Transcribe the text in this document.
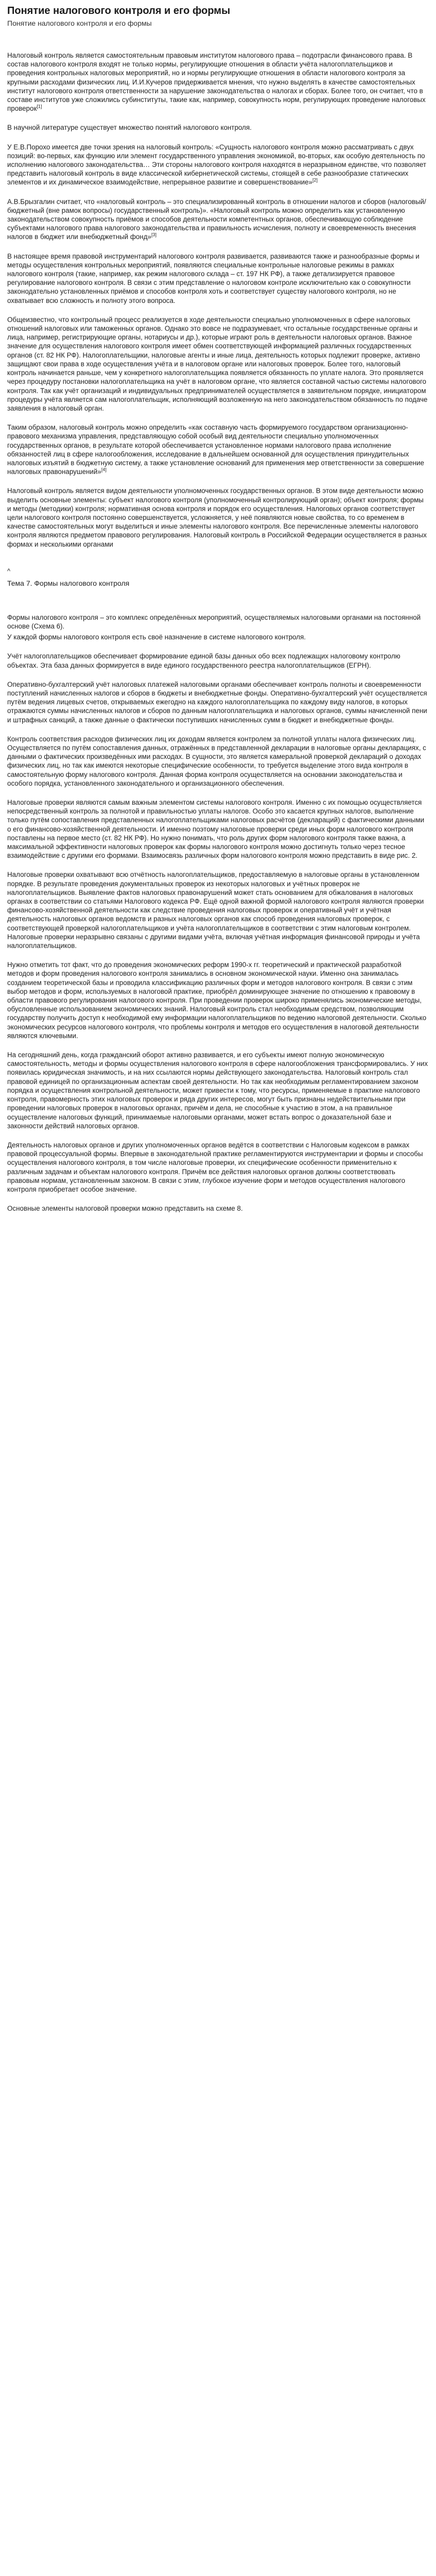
Понятие налогового контроля и его формы
Понятие налогового контроля и его формы

Налоговый контроль является самостоятельным правовым институтом налогового права – подотрасли финансового права. В состав налогового контроля входят не только нормы, регулирующие отношения в области учёта налогоплательщиков и проведения контрольных налоговых мероприятий, но и нормы регулирующие отношения в области налогового контроля за крупными расходами физических лиц. И.И.Кучеров придерживается мнения, что нужно выделять в качестве самостоятельных институт налогового контроля ответственности за нарушение законодательства о налогах и сборах. Более того, он считает, что в составе институтов уже сложились субинституты, такие как, например, совокупность норм, регулирующих проведение налоговых проверок[1]

В научной литературе существует множество понятий налогового контроля.

У Е.В.Порохо имеется две точки зрения на налоговый контроль: «Сущность налогового контроля можно рассматривать с двух позиций: во-первых, как функцию или элемент государственного управления экономикой, во-вторых, как особую деятельность по исполнению налогового законодательства… Эти стороны налогового контроля находятся в неразрывном единстве, что позволяет представить налоговый контроль в виде классической кибернетической системы, стоящей в себе разнообразие статических элементов и их динамическое взаимодействие, непрерывное развитие и совершенствование»[2]

А.В.Брызгалин считает, что «налоговый контроль – это специализированный контроль в отношении налогов и сборов (налоговый/бюджетный (вне рамок вопросы) государственный контроль)». «Налоговый контроль можно определить как установленную законодательством совокупность приёмов и способов деятельности компетентных органов, обеспечивающую соблюдение субъектами налогового права налогового законодательства и правильность исчисления, полноту и своевременность внесения налогов в бюджет или внебюджетный фонд»[3]

В настоящее время правовой инструментарий налогового контроля развивается, развиваются также и разнообразные формы и методы осуществления контрольных мероприятий, появляются специальные контрольные налоговые режимы в рамках налогового контроля (такие, например, как режим налогового склада – ст. 197 НК РФ), а также детализируется правовое регулирование налогового контроля. В связи с этим представление о налоговом контроле исключительно как о совокупности законодательно установленных приёмов и способов контроля хоть и соответствует существу налогового контроля, но не охватывает всю сложность и полноту этого вопроса.

Общеизвестно, что контрольный процесс реализуется в ходе деятельности специально уполномоченных в сфере налоговых отношений налоговых или таможенных органов. Однако это вовсе не подразумевает, что остальные государственные органы и лица, например, регистрирующие органы, нотариусы и др.), которые играют роль в деятельности налоговых органов. Важное значение для осуществления налогового контроля имеет обмен соответствующей информацией различных государственных органов (ст. 82 НК РФ). Налогоплательщики, налоговые агенты и иные лица, деятельность которых подлежит проверке, активно защищают свои права в ходе осуществления учёта и в налоговом органе или налоговых проверок. Более того, налоговый контроль начинается раньше, чем у конкретного налогоплательщика появляется обязанность по уплате налога. Это проявляется через процедуру постановки налогоплательщика на учёт в налоговом органе, что является составной частью системы налогового контроля. Так как учёт организаций и индивидуальных предпринимателей осуществляется в заявительном порядке, инициатором процедуры учёта является сам налогоплательщик, исполняющий возложенную на него законодательством обязанность по подаче заявления в налоговый орган.

Таким образом, налоговый контроль можно определить «как составную часть формируемого государством организационно-правового механизма управления, представляющую собой особый вид деятельности специально уполномоченных государственных органов, в результате которой обеспечивается установленное нормами налогового права исполнение обязанностей лиц в сфере налогообложения, исследование в дальнейшем основанной для осуществления принудительных налоговых изъятий в бюджетную систему, а также установление оснований для применения мер ответственности за совершение налоговых правонарушений»[4]

Налоговый контроль является видом деятельности уполномоченных государственных органов. В этом виде деятельности можно выделить основные элементы: субъект налогового контроля (уполномоченный контролирующий орган); объект контроля; формы и методы (методики) контроля; нормативная основа контроля и порядок его осуществления. Налоговых органов соответствует цели налогового контроля постоянно совершенствуется, усложняется, у неё появляются новые свойства, то со временем в качестве самостоятельных могут выделиться и иные элементы налогового контроля. Все перечисленные элементы налогового контроля являются предметом правового регулирования. Налоговый контроль в Российской Федерации осуществляется в разных формах и несколькими органами

^
Тема 7. Формы налогового контроля

Формы налогового контроля – это комплекс определённых мероприятий, осуществляемых налоговыми органами на постоянной основе (Схема 6).

У каждой формы налогового контроля есть своё назначение в системе налогового контроля.

Учёт налогоплательщиков обеспечивает формирование единой базы данных обо всех подлежащих налоговому контролю объектах. Эта база данных формируется в виде единого государственного реестра налогоплательщиков (ЕГРН).

Оперативно-бухгалтерский учёт налоговых платежей налоговыми органами обеспечивает контроль полноты и своевременности поступлений начисленных налогов и сборов в бюджеты и внебюджетные фонды. Оперативно-бухгалтерский учёт осуществляется путём ведения лицевых счетов, открываемых ежегодно на каждого налогоплательщика по каждому виду налогов, в которых отражаются суммы начисленных налогов и сборов по данным налогоплательщика и налоговых органов, суммы начисленной пени и штрафных санкций, а также данные о фактически поступивших начисленных сумм в бюджет и внебюджетные фонды.

Контроль соответствия расходов физических лиц их доходам является контролем за полнотой уплаты налога физических лиц. Осуществляется по путём сопоставления данных, отражённых в представленной декларации в налоговые органы декларациях, с данными о фактических произведённых ими расходах. В сущности, это является камеральной проверкой деклараций о доходах физических лиц, но так как имеются некоторые специфические особенности, то требуется выделение этого вида контроля в самостоятельную форму налогового контроля. Данная форма контроля осуществляется на основании законодательства и особого порядка, установленного законодательного и организационного обеспечения.

Налоговые проверки являются самым важным элементом системы налогового контроля. Именно с их помощью осуществляется непосредственный контроль за полнотой и правильностью уплаты налогов. Особо это касается крупных налогов, выполнение только путём сопоставления представленных налогоплательщиками налоговых расчётов (деклараций) с фактическими данными о его финансово-хозяйственной деятельности. И именно поэтому налоговые проверки среди иных форм налогового контроля поставлены на первое место (ст. 82 НК РФ). Но нужно понимать, что роль других форм налогового контроля также важна, а максимальной эффективности налоговых проверок как формы налогового контроля можно достигнуть только через тесное взаимодействие с другими его формами. Взаимосвязь различных форм налогового контроля можно представить в виде рис. 2.

Налоговые проверки охватывают всю отчётность налогоплательщиков, предоставляемую в налоговые органы в установленном порядке. В результате проведения документальных проверок из некоторых налоговых и учётных проверок не налогоплательщиков. Выявление фактов налоговых правонарушений может стать основанием для обжалования в налоговых органах в соответствии со статьями Налогового кодекса РФ. Ещё одной важной формой налогового контроля являются проверки финансово-хозяйственной деятельности как следствие проведения налоговых проверок и оперативный учёт и учётная деятельность налоговых органов ведомств и разных налоговых органов как способ проведения налоговых проверок, с соответствующей проверкой налогоплательщиков и учёта налогоплательщиков в соответствии с этим налоговым контролем. Налоговые проверки неразрывно связаны с другими видами учёта, включая учётная информация финансовой природы и учёта налогоплательщиков.

Нужно отметить тот факт, что до проведения экономических реформ 1990-х гг. теоретический и практической разработкой методов и форм проведения налогового контроля занимались в основном экономической науки. Именно она занималась созданием теоретической базы и проводила классификацию различных форм и методов налогового контроля. В связи с этим выбор методов и форм, используемых в налоговой практике, приобрёл доминирующее значение по отношению к правовому в области правового регулирования налогового контроля. При проведении проверок широко применялись экономические методы, обусловленные использованием экономических знаний. Налоговый контроль стал необходимым средством, позволяющим государству получить доступ к необходимой ему информации налогоплательщиков по ведению налоговой деятельности. Сколько экономических ресурсов налогового контроля, что проблемы контроля и методов его осуществления в налоговой деятельности являются ключевыми.

На сегодняшний день, когда гражданский оборот активно развивается, и его субъекты имеют полную экономическую самостоятельность, методы и формы осуществления налогового контроля в сфере налогообложения трансформировались. У них появилась юридическая значимость, и на них ссылаются нормы действующего законодательства. Налоговый контроль стал правовой единицей по организационным аспектам своей деятельности. Но так как необходимым регламентированием законом порядка и осуществления контрольной деятельности, может привести к тому, что ресурсы, применяемые в практике налогового контроля, правомерность этих налоговых проверок и ряда других интересов, могут быть признаны недействительными при проведении налоговых проверок в налоговых органах, причём и дела, не способные к участию в этом, а на правильное осуществление налоговых функций, принимаемые налоговыми органами, может встать вопрос о доказательной базе и законности действий налоговых органов.

Деятельность налоговых органов и других уполномоченных органов ведётся в соответствии с Налоговым кодексом в рамках правовой процессуальной формы. Впервые в законодательной практике регламентируются инструментарии и формы и способы осуществления налогового контроля, в том числе налоговые проверки, их специфические особенности применительно к различным задачам и объектам налогового контроля. Причём все действия налоговых органов должны соответствовать правовым нормам, установленным законом. В связи с этим, глубокое изучение форм и методов осуществления налогового контроля приобретает особое значение.

Основные элементы налоговой проверки можно представить на схеме 8.
